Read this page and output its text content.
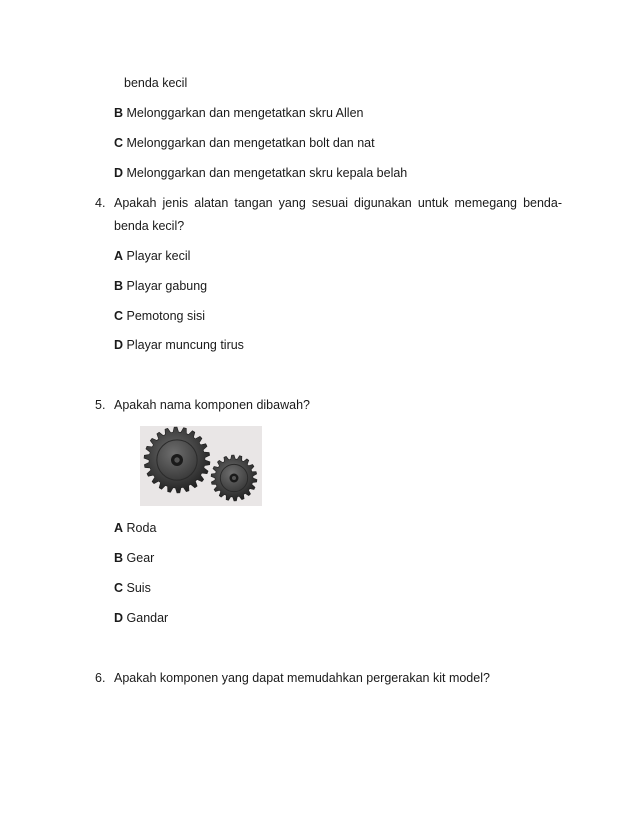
benda kecil
B Melonggarkan dan mengetatkan skru Allen
C Melonggarkan dan mengetatkan bolt dan nat
D Melonggarkan dan mengetatkan skru kepala belah
4. Apakah jenis alatan tangan yang sesuai digunakan untuk memegang benda-
benda kecil?
A Playar kecil
B Playar gabung
C Pemotong sisi
D Playar muncung tirus
5. Apakah nama komponen dibawah?
A Roda
B Gear
C Suis
D Gandar
6. Apakah komponen yang dapat memudahkan pergerakan kit model?
